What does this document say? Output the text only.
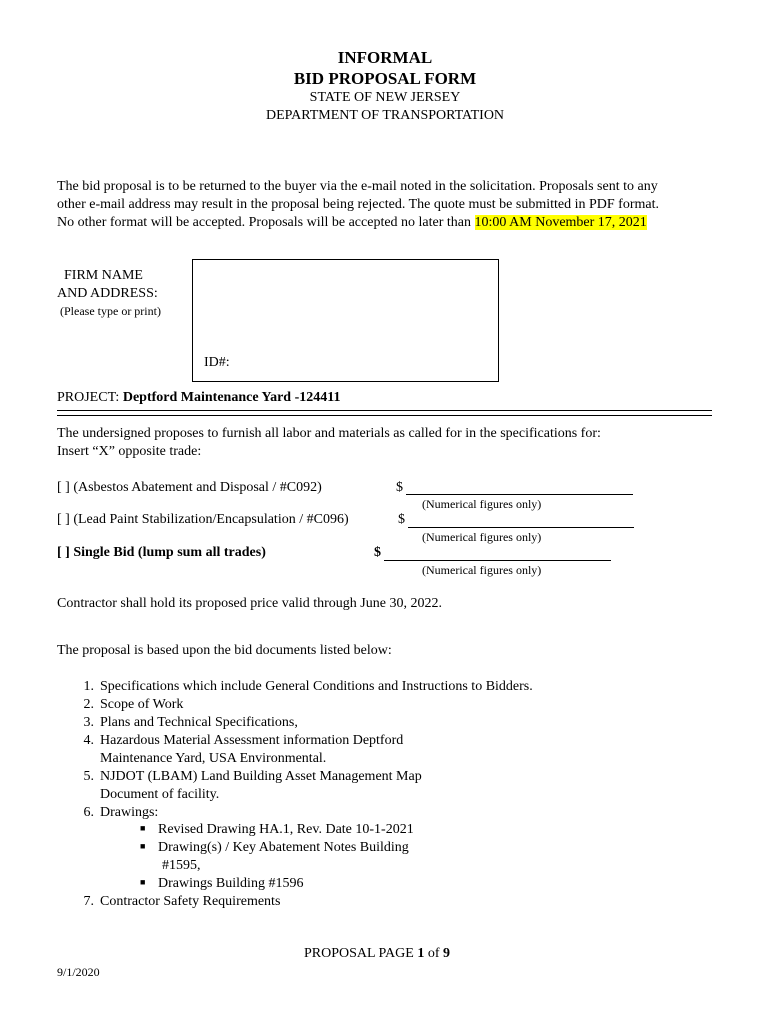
INFORMAL
BID PROPOSAL FORM
STATE OF NEW JERSEY
DEPARTMENT OF TRANSPORTATION
The bid proposal is to be returned to the buyer via the e-mail noted in the solicitation. Proposals sent to any
other e-mail address may result in the proposal being rejected. The quote must be submitted in PDF format.
No other format will be accepted. Proposals will be accepted no later than 10:00 AM November 17, 2021
FIRM NAME
AND ADDRESS:
(Please type or print)
ID#:
PROJECT: Deptford Maintenance Yard -124411
The undersigned proposes to furnish all labor and materials as called for in the specifications for:
Insert “X” opposite trade:
[ ] (Asbestos Abatement and Disposal / #C092)	$
(Numerical figures only)
[ ] (Lead Paint Stabilization/Encapsulation / #C096)	$
(Numerical figures only)
[ ] Single Bid (lump sum all trades)	$
(Numerical figures only)
Contractor shall hold its proposed price valid through June 30, 2022.
The proposal is based upon the bid documents listed below:
1. Specifications which include General Conditions and Instructions to Bidders.
2. Scope of Work
3. Plans and Technical Specifications,
4. Hazardous Material Assessment information Deptford
Maintenance Yard, USA Environmental.
5. NJDOT (LBAM) Land Building Asset Management Map
Document of facility.
6. Drawings:
■ Revised Drawing HA.1, Rev. Date 10-1-2021
■ Drawing(s) / Key Abatement Notes Building
#1595,
■ Drawings Building #1596
7. Contractor Safety Requirements
PROPOSAL PAGE 1 of 9
9/1/2020
